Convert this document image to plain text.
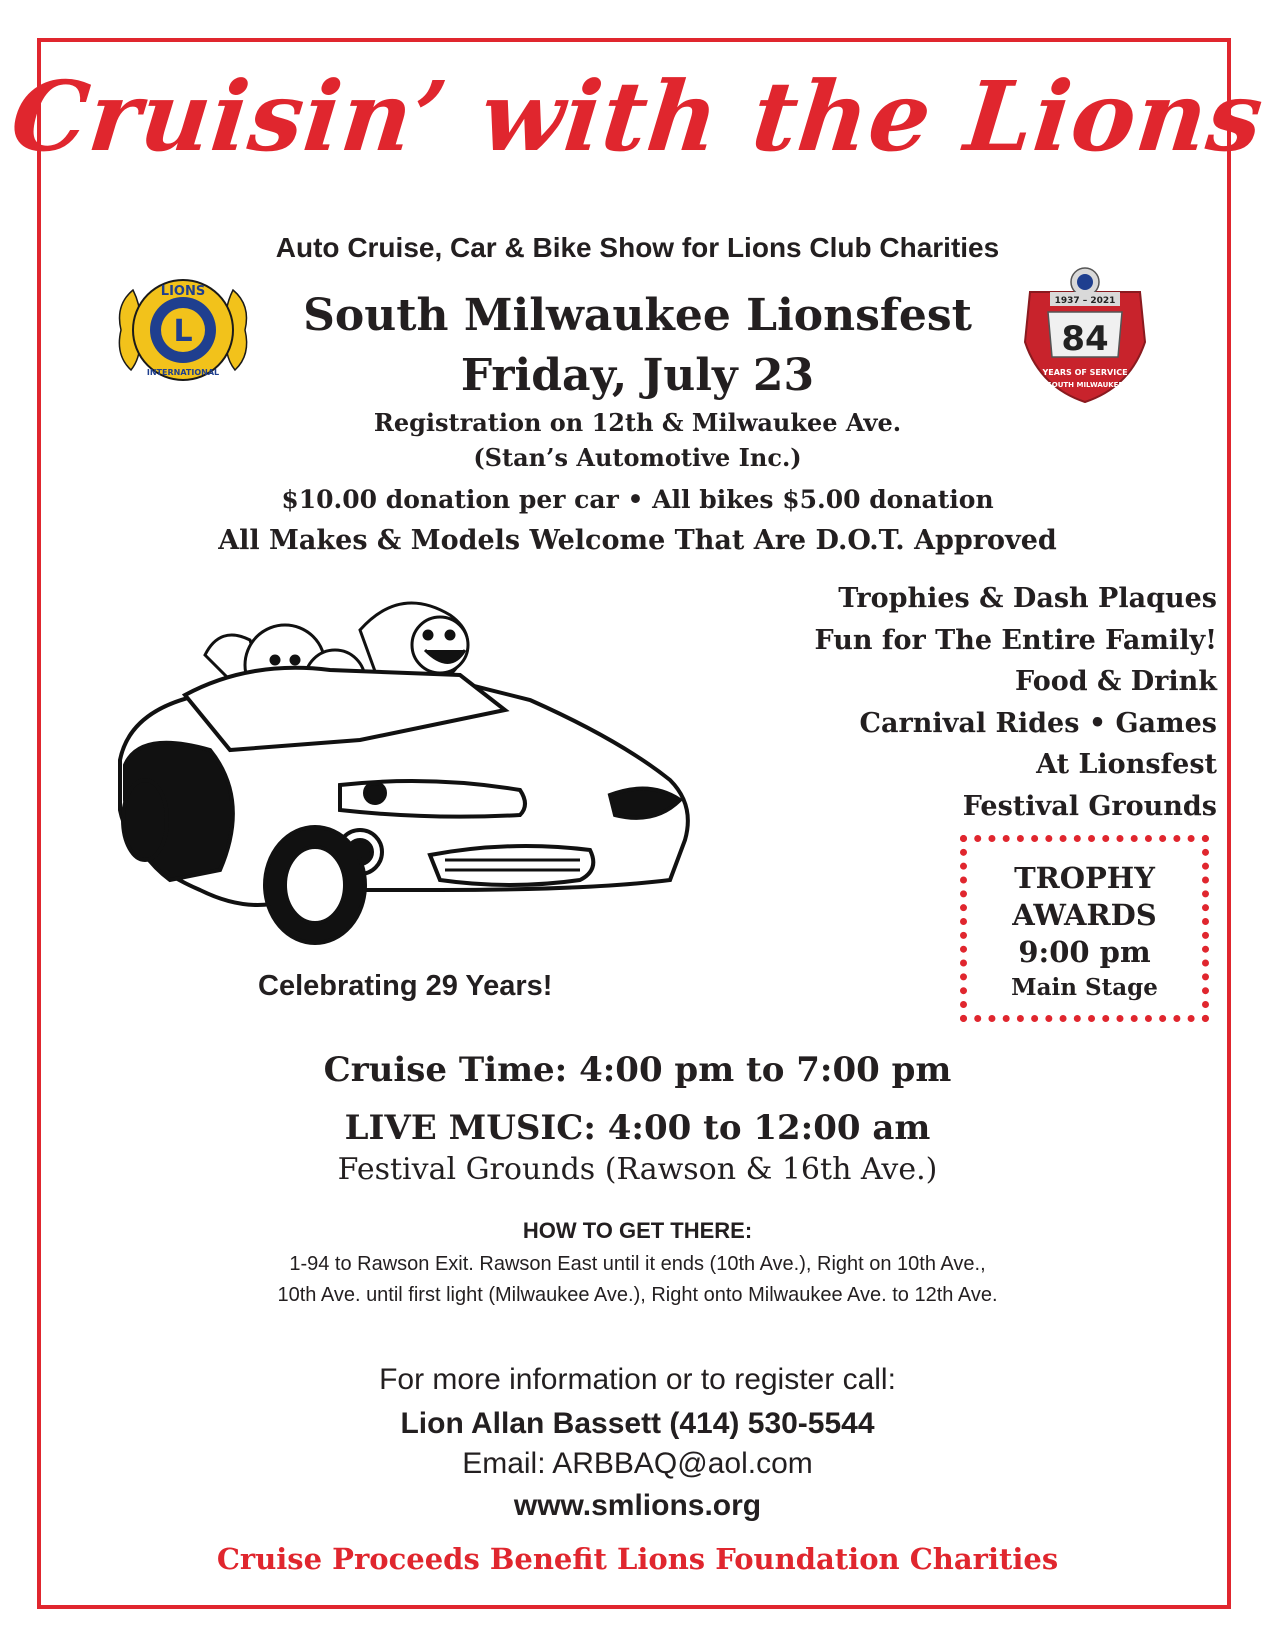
Cruisin’ with the Lions
Auto Cruise, Car & Bike Show for Lions Club Charities
L
LIONS
INTERNATIONAL
South Milwaukee Lionsfest
Friday, July 23
1937 – 2021
84
YEARS OF SERVICE
SOUTH MILWAUKEE
Registration on 12th & Milwaukee Ave.
(Stan’s Automotive Inc.)
$10.00 donation per car • All bikes $5.00 donation
All Makes & Models Welcome That Are D.O.T. Approved
Trophies & Dash Plaques
Fun for The Entire Family!
Food & Drink
Carnival Rides • Games
At Lionsfest
Festival Grounds
TROPHY
AWARDS
9:00 pm
Main Stage
Celebrating 29 Years!
Cruise Time: 4:00 pm to 7:00 pm
LIVE MUSIC: 4:00 to 12:00 am
Festival Grounds (Rawson & 16th Ave.)
HOW TO GET THERE:
1-94 to Rawson Exit. Rawson East until it ends (10th Ave.), Right on 10th Ave.,
10th Ave. until first light (Milwaukee Ave.), Right onto Milwaukee Ave. to 12th Ave.
For more information or to register call:
Lion Allan Bassett (414) 530-5544
Email: ARBBAQ@aol.com
www.smlions.org
Cruise Proceeds Benefit Lions Foundation Charities
